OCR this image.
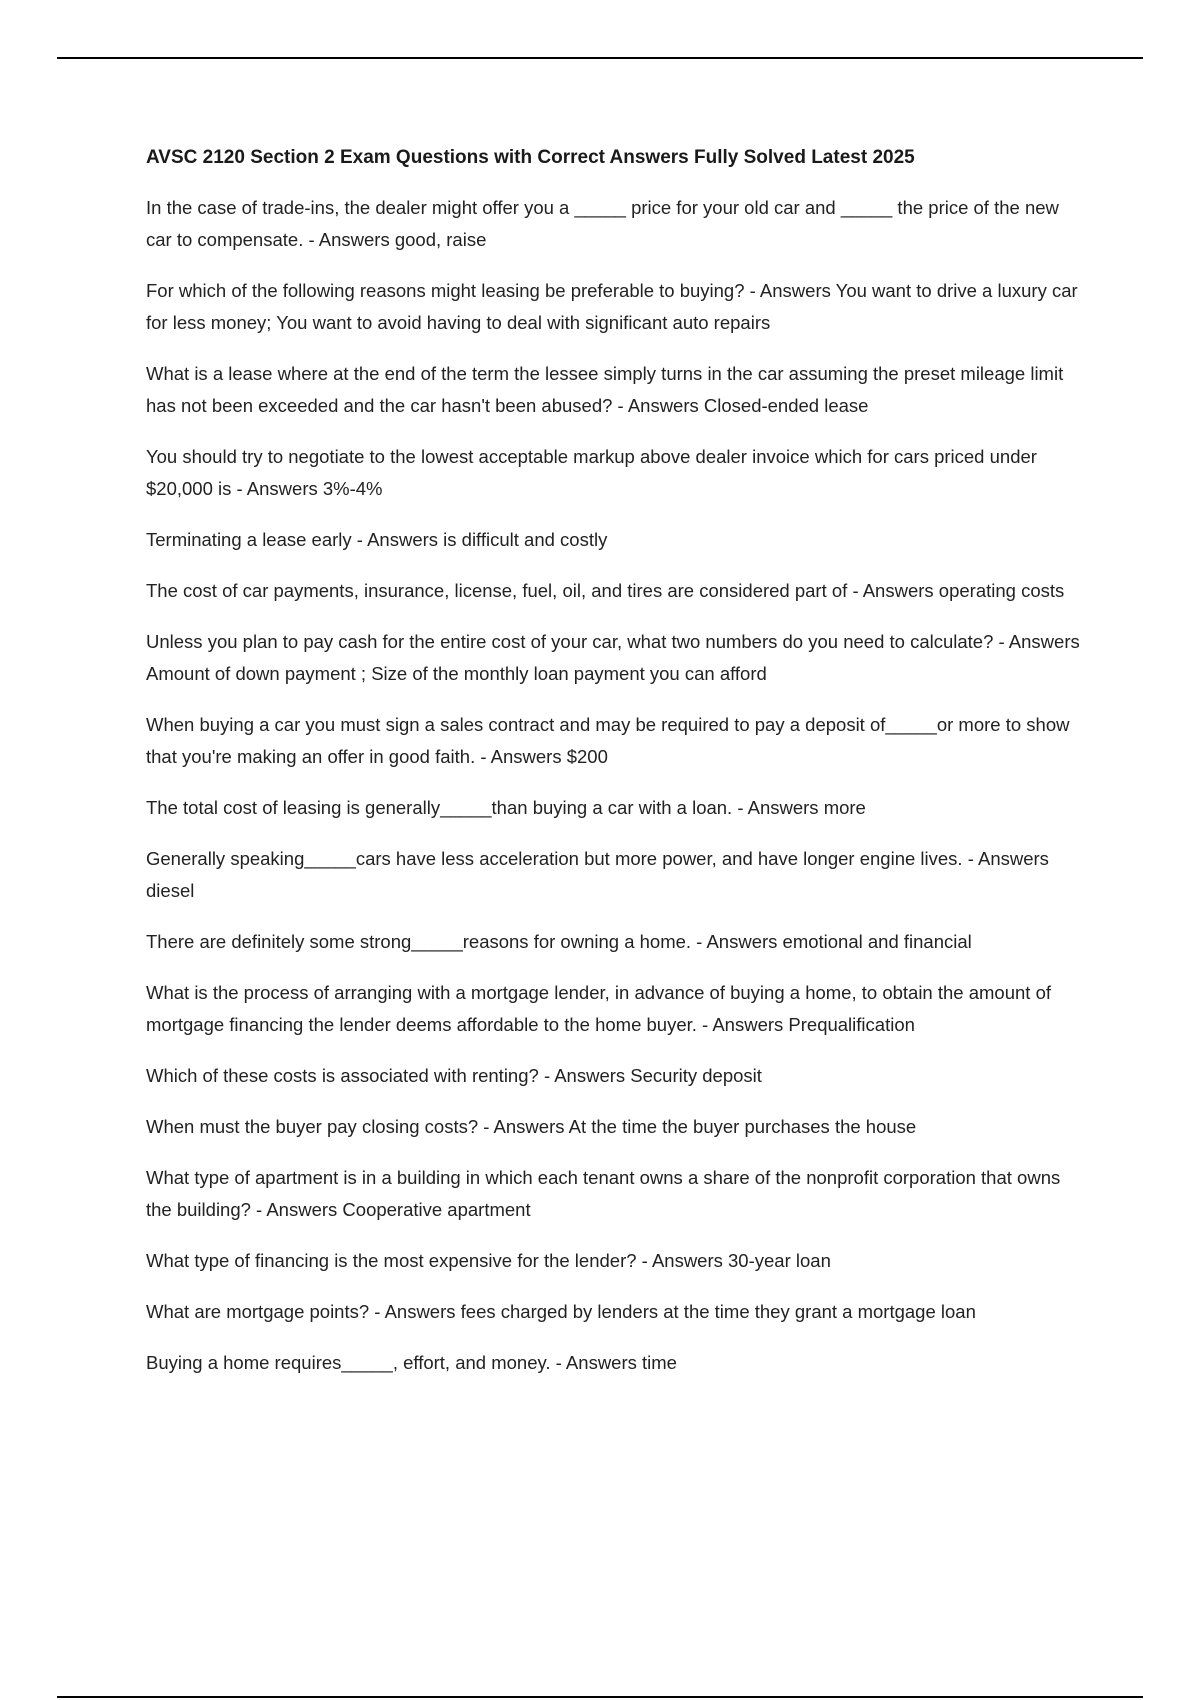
AVSC 2120 Section 2 Exam Questions with Correct Answers Fully Solved Latest 2025

In the case of trade-ins, the dealer might offer you a _____ price for your old car and _____ the price of the new car to compensate. - Answers good, raise

For which of the following reasons might leasing be preferable to buying? - Answers You want to drive a luxury car for less money; You want to avoid having to deal with significant auto repairs

What is a lease where at the end of the term the lessee simply turns in the car assuming the preset mileage limit has not been exceeded and the car hasn't been abused? - Answers Closed-ended lease

You should try to negotiate to the lowest acceptable markup above dealer invoice which for cars priced under $20,000 is - Answers 3%-4%

Terminating a lease early - Answers is difficult and costly

The cost of car payments, insurance, license, fuel, oil, and tires are considered part of - Answers operating costs

Unless you plan to pay cash for the entire cost of your car, what two numbers do you need to calculate? - Answers Amount of down payment ; Size of the monthly loan payment you can afford

When buying a car you must sign a sales contract and may be required to pay a deposit of_____or more to show that you're making an offer in good faith. - Answers $200

The total cost of leasing is generally_____than buying a car with a loan. - Answers more

Generally speaking_____cars have less acceleration but more power, and have longer engine lives. - Answers diesel

There are definitely some strong_____reasons for owning a home. - Answers emotional and financial

What is the process of arranging with a mortgage lender, in advance of buying a home, to obtain the amount of mortgage financing the lender deems affordable to the home buyer. - Answers Prequalification

Which of these costs is associated with renting? - Answers Security deposit

When must the buyer pay closing costs? - Answers At the time the buyer purchases the house

What type of apartment is in a building in which each tenant owns a share of the nonprofit corporation that owns the building? - Answers Cooperative apartment

What type of financing is the most expensive for the lender? - Answers 30-year loan

What are mortgage points? - Answers fees charged by lenders at the time they grant a mortgage loan

Buying a home requires_____, effort, and money. - Answers time
